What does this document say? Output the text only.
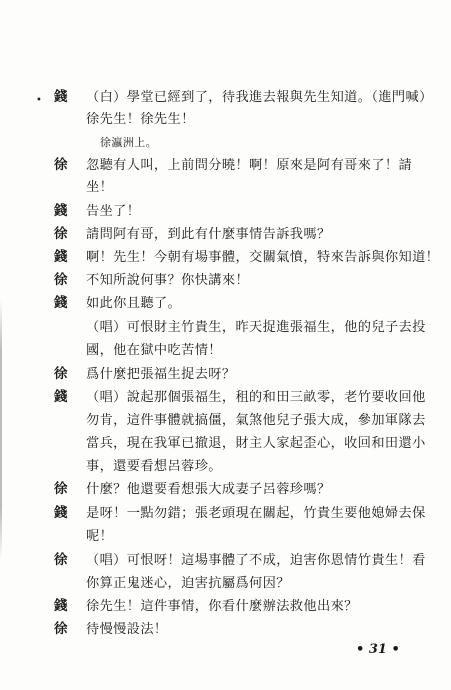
• 錢 （白）學堂已經到了，待我進去報與先生知道。（進門喊）
徐先生！徐先生！
徐瀛洲上。
徐 忽聽有人叫，上前問分曉！啊！原來是阿有哥來了！請
坐！
錢 告坐了！
徐 請問阿有哥，到此有什麼事情告訴我嗎？
錢 啊！先生！今朝有場事體，交關氣憤，特來告訴與你知道！
徐 不知所說何事？你快講來！
錢 如此你且聽了。
（唱）可恨財主竹貴生，昨天捉進張福生，他的兒子去投
國，他在獄中吃苦情！
徐 爲什麼把張福生捉去呀？
錢 （唱）說起那個張福生，租的和田三畝零，老竹要收回他
勿肯，這件事體就搞僵，氣煞他兒子張大成，參加軍隊去
當兵，現在我軍已撤退，財主人家起歪心，收回和田還小
事，還要看想呂蓉珍。
徐 什麼？他還要看想張大成妻子呂蓉珍嗎？
錢 是呀！一點勿錯；張老頭現在關起，竹貴生要他媳婦去保
呢！
徐 （唱）可恨呀！這場事體了不成，迫害你恩情竹貴生！看
你算正鬼迷心，迫害抗屬爲何因？
錢 徐先生！這件事情，你看什麼辦法救他出來？
徐 待慢慢設法！
• 31 •
